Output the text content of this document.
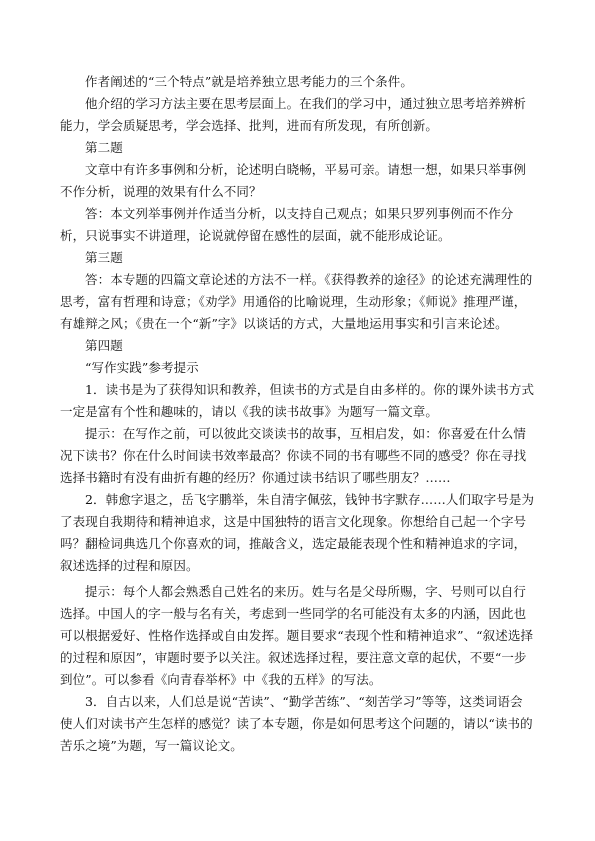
作者阐述的“三个特点”就是培养独立思考能力的三个条件。

他介绍的学习方法主要在思考层面上。在我们的学习中，通过独立思考培养辨析能力，学会质疑思考，学会选择、批判，进而有所发现，有所创新。

第二题

文章中有许多事例和分析，论述明白晓畅，平易可亲。请想一想，如果只举事例不作分析，说理的效果有什么不同？

答：本文列举事例并作适当分析，以支持自己观点；如果只罗列事例而不作分析，只说事实不讲道理，论说就停留在感性的层面，就不能形成论证。

第三题

答：本专题的四篇文章论述的方法不一样。《获得教养的途径》的论述充满理性的思考，富有哲理和诗意；《劝学》用通俗的比喻说理，生动形象；《师说》推理严谨，有雄辩之风；《贵在一个“新”字》以谈话的方式，大量地运用事实和引言来论述。

第四题

“写作实践”参考提示

1．读书是为了获得知识和教养，但读书的方式是自由多样的。你的课外读书方式一定是富有个性和趣味的，请以《我的读书故事》为题写一篇文章。

提示：在写作之前，可以彼此交谈读书的故事，互相启发，如：你喜爱在什么情况下读书？你在什么时间读书效率最高？你读不同的书有哪些不同的感受？你在寻找选择书籍时有没有曲折有趣的经历？你通过读书结识了哪些朋友？……

2．韩愈字退之，岳飞字鹏举，朱自清字佩弦，钱钟书字默存……人们取字号是为了表现自我期待和精神追求，这是中国独特的语言文化现象。你想给自己起一个字号吗？翻检词典选几个你喜欢的词，推敲含义，选定最能表现个性和精神追求的字词，叙述选择的过程和原因。

提示：每个人都会熟悉自己姓名的来历。姓与名是父母所赐，字、号则可以自行选择。中国人的字一般与名有关，考虑到一些同学的名可能没有太多的内涵，因此也可以根据爱好、性格作选择或自由发挥。题目要求“表现个性和精神追求”、“叙述选择的过程和原因”，审题时要予以关注。叙述选择过程，要注意文章的起伏，不要“一步到位”。可以参看《向青春举杯》中《我的五样》的写法。

3．自古以来，人们总是说“苦读”、“勤学苦练”、“刻苦学习”等等，这类词语会使人们对读书产生怎样的感觉？读了本专题，你是如何思考这个问题的，请以“读书的苦乐之境”为题，写一篇议论文。
